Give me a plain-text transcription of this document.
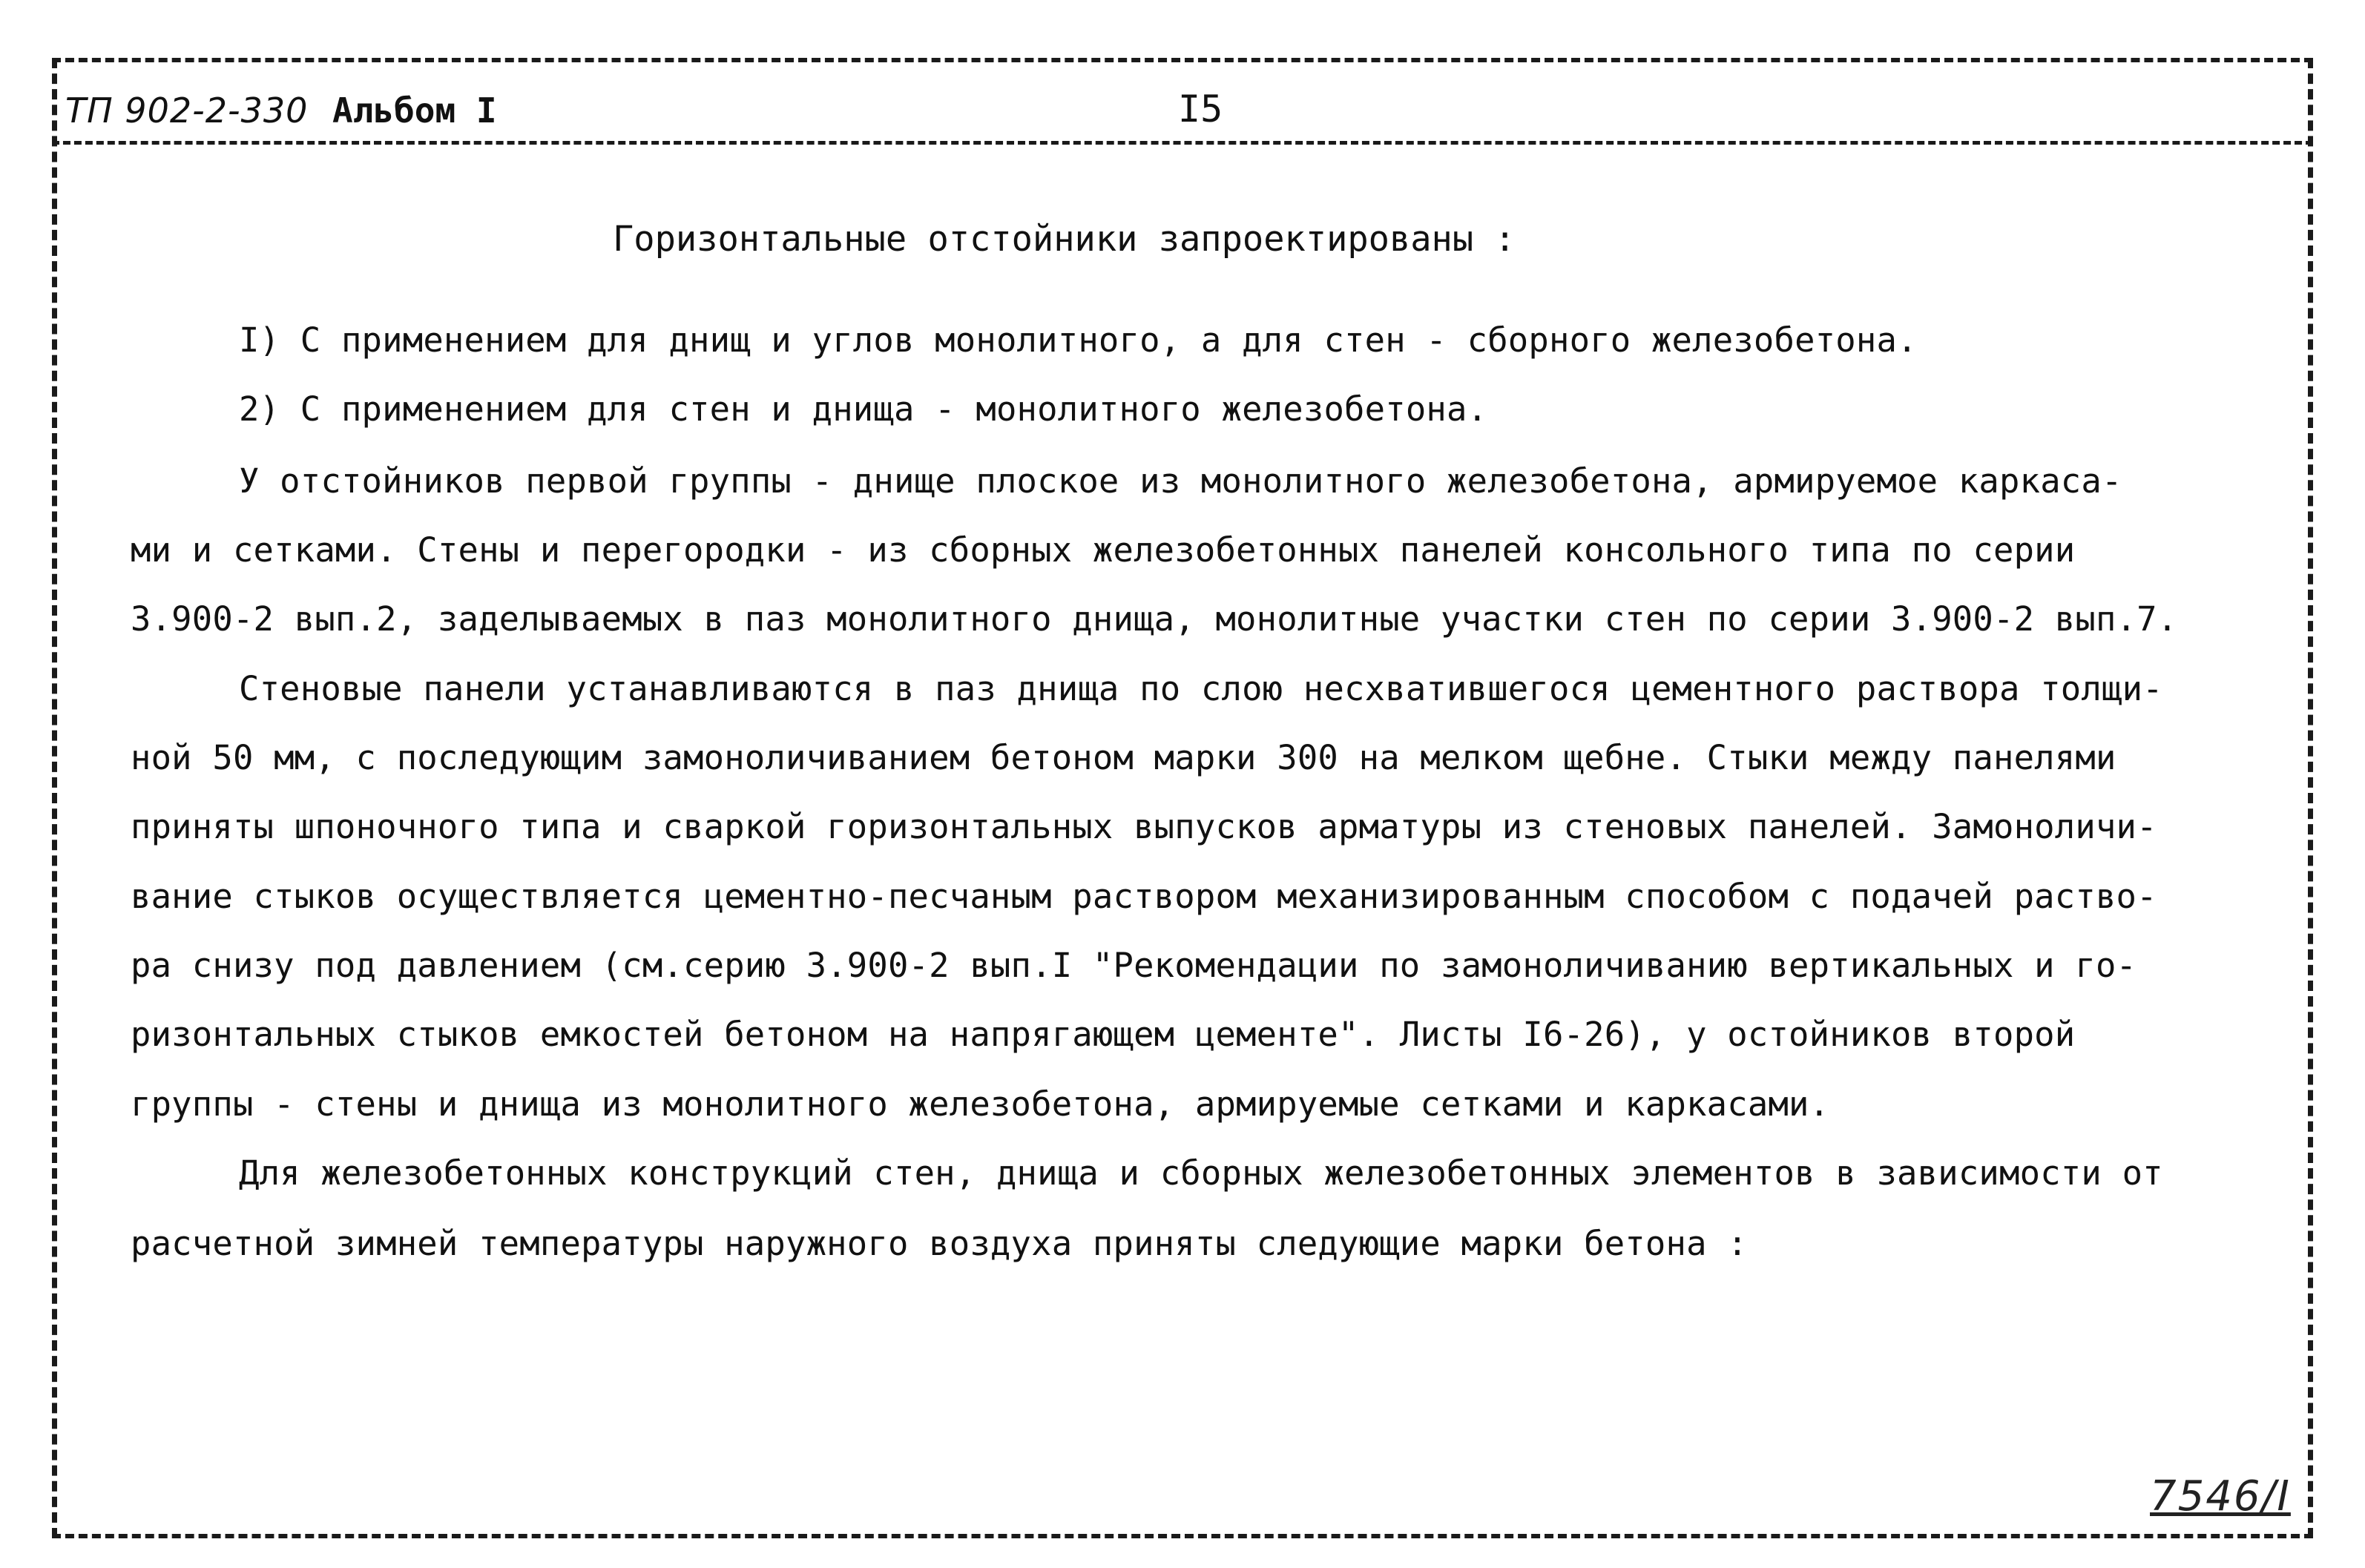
ТП 902-2-330 Альбом I	I5
Горизонтальные отстойники запроектированы :
I) С применением для днищ и углов монолитного, а для стен - сборного железобетона.
2) С применением для стен и днища - монолитного железобетона.
У отстойников первой группы - днище плоское из монолитного железобетона, армируемое каркаса-
ми и сетками. Стены и перегородки - из сборных железобетонных панелей консольного типа по серии
3.900-2 вып.2, заделываемых в паз монолитного днища, монолитные участки стен по серии 3.900-2 вып.7.
Стеновые панели устанавливаются в паз днища по слою несхватившегося цементного раствора толщи-
ной 50 мм, с последующим замоноличиванием бетоном марки 300 на мелком щебне. Стыки между панелями
приняты шпоночного типа и сваркой горизонтальных выпусков арматуры из стеновых панелей. Замоноличи-
вание стыков осуществляется цементно-песчаным раствором механизированным способом с подачей раство-
ра снизу под давлением (см.серию 3.900-2 вып.I "Рекомендации по замоноличиванию вертикальных и го-
ризонтальных стыков емкостей бетоном на напрягающем цементе". Листы I6-26), у остойников второй
группы - стены и днища из монолитного железобетона, армируемые сетками и каркасами.
Для железобетонных конструкций стен, днища и сборных железобетонных элементов в зависимости от
расчетной зимней температуры наружного воздуха приняты следующие марки бетона :
7546/I
